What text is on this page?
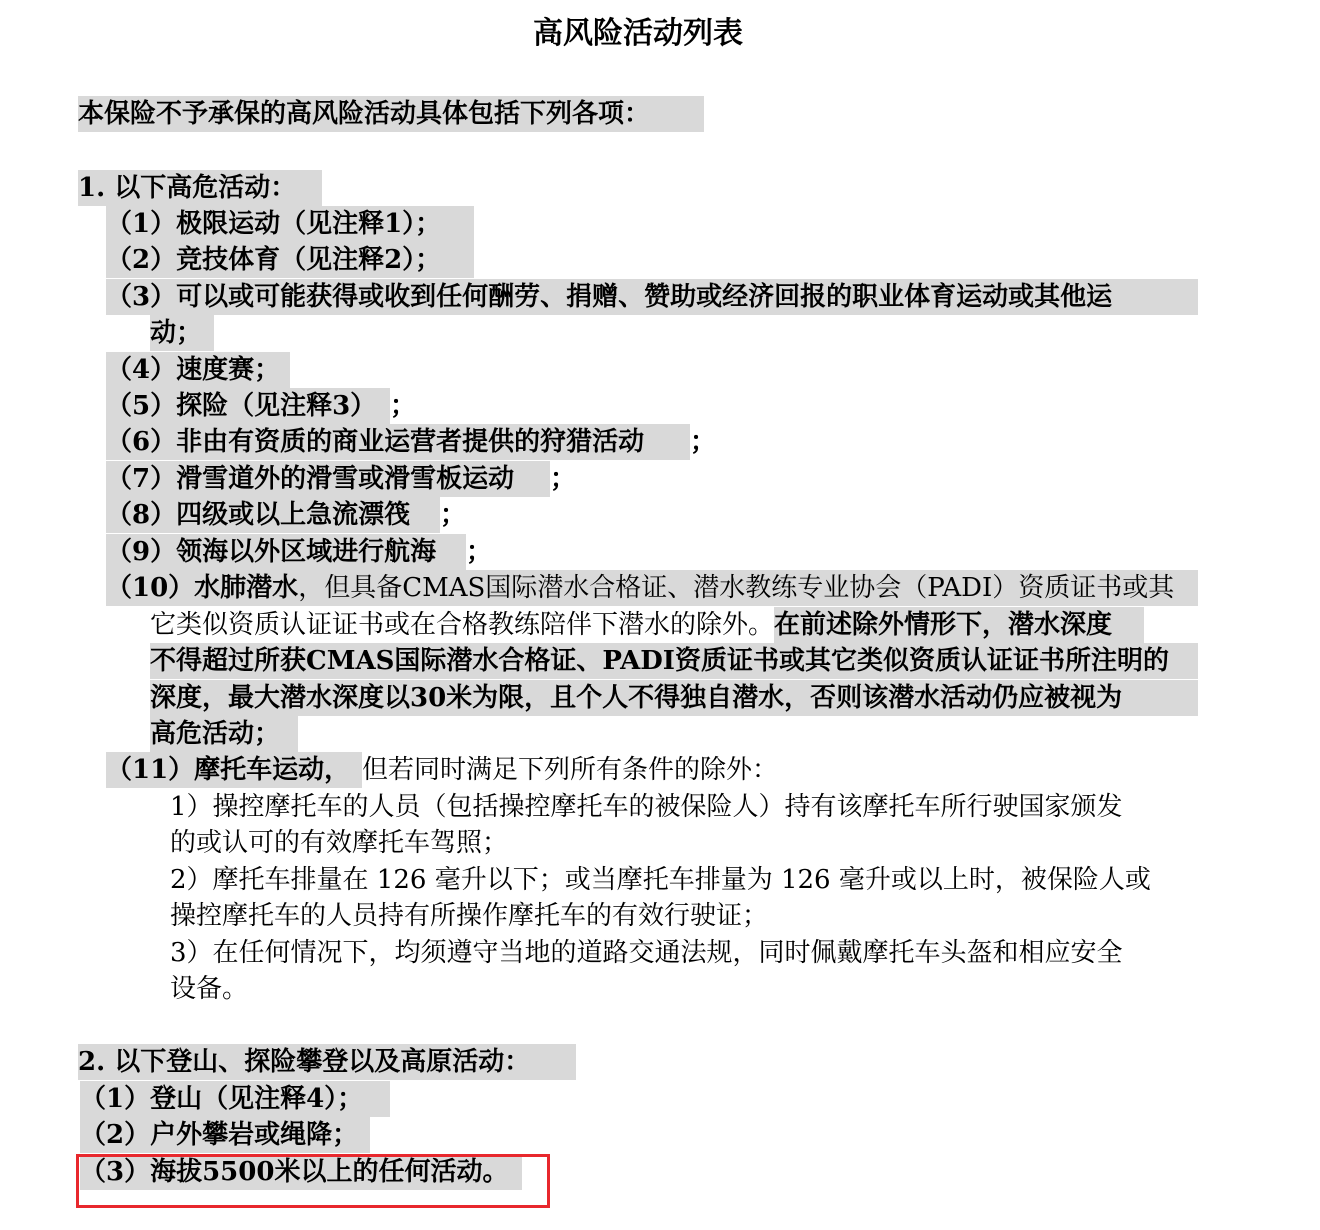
高风险活动列表
本保险不予承保的高风险活动具体包括下列各项：
1. 以下高危活动：
（1）极限运动（见注释1）；
（2）竞技体育（见注释2）；
（3）可以或可能获得或收到任何酬劳、捐赠、赞助或经济回报的职业体育运动或其他运
动；
（4）速度赛；
（5）探险（见注释3） ；
（6）非由有资质的商业运营者提供的狩猎活动 ；
（7）滑雪道外的滑雪或滑雪板运动 ；
（8）四级或以上急流漂筏 ；
（9）领海以外区域进行航海 ；
（10）水肺潜水，但具备CMAS国际潜水合格证、潜水教练专业协会（PADI）资质证书或其
它类似资质认证证书或在合格教练陪伴下潜水的除外。在前述除外情形下，潜水深度
不得超过所获CMAS国际潜水合格证、PADI资质证书或其它类似资质认证证书所注明的
深度，最大潜水深度以30米为限，且个人不得独自潜水，否则该潜水活动仍应被视为
高危活动；
（11）摩托车运动， 但若同时满足下列所有条件的除外：
1）操控摩托车的人员（包括操控摩托车的被保险人）持有该摩托车所行驶国家颁发
的或认可的有效摩托车驾照；
2）摩托车排量在 126 毫升以下；或当摩托车排量为 126 毫升或以上时，被保险人或
操控摩托车的人员持有所操作摩托车的有效行驶证；
3）在任何情况下，均须遵守当地的道路交通法规，同时佩戴摩托车头盔和相应安全
设备。
2. 以下登山、探险攀登以及高原活动：
（1）登山（见注释4）；
（2）户外攀岩或绳降；
（3）海拔5500米以上的任何活动。
